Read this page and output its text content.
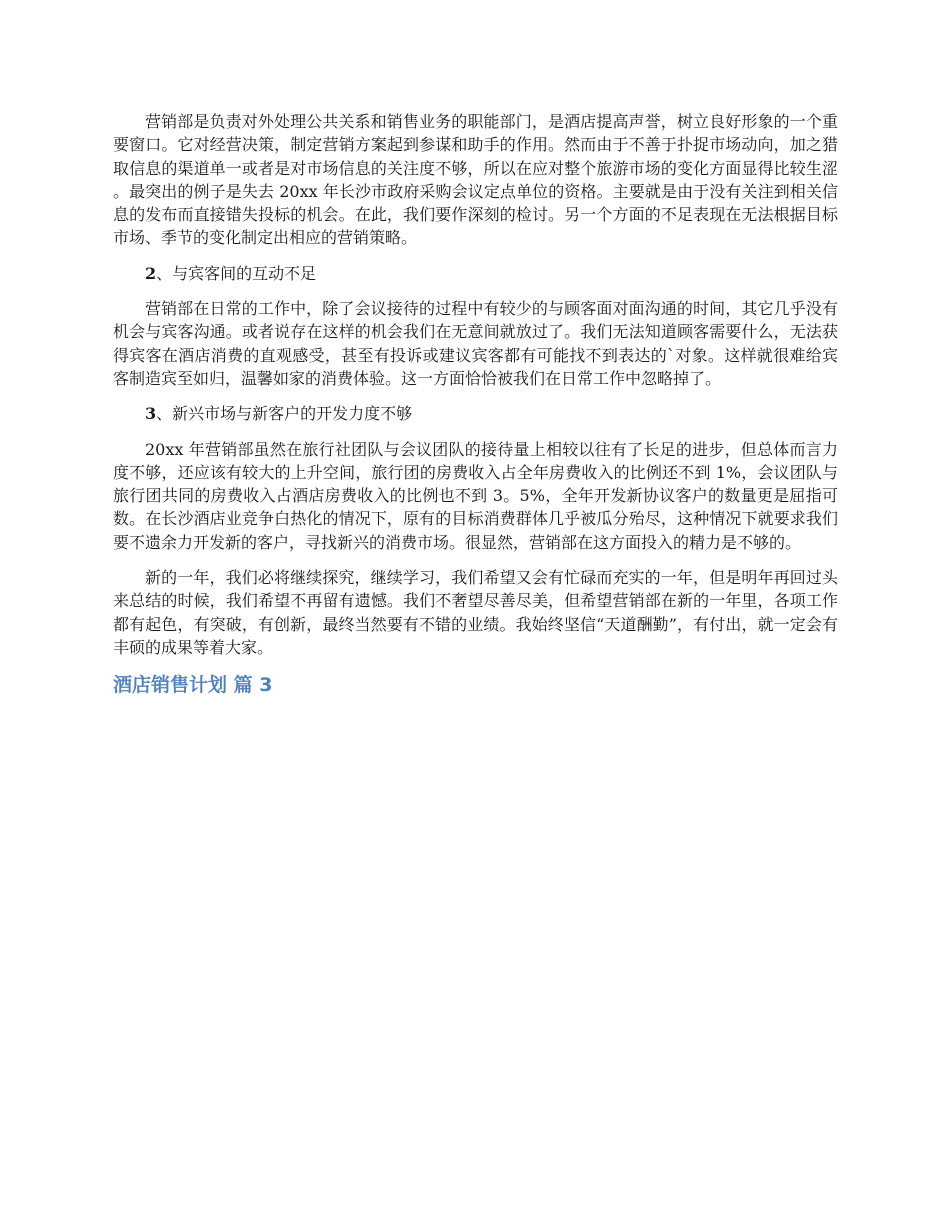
营销部是负责对外处理公共关系和销售业务的职能部门，是酒店提高声誉，树立良好形象的一个重要窗口。它对经营决策，制定营销方案起到参谋和助手的作用。然而由于不善于扑捉市场动向，加之猎取信息的渠道单一或者是对市场信息的关注度不够，所以在应对整个旅游市场的变化方面显得比较生涩 。最突出的例子是失去 20xx 年长沙市政府采购会议定点单位的资格。主要就是由于没有关注到相关信息的发布而直接错失投标的机会。在此，我们要作深刻的检讨。另一个方面的不足表现在无法根据目标市场、季节的变化制定出相应的营销策略。

2、与宾客间的互动不足

营销部在日常的工作中，除了会议接待的过程中有较少的与顾客面对面沟通的时间，其它几乎没有机会与宾客沟通。或者说存在这样的机会我们在无意间就放过了。我们无法知道顾客需要什么，无法获得宾客在酒店消费的直观感受，甚至有投诉或建议宾客都有可能找不到表达的`对象。这样就很难给宾客制造宾至如归，温馨如家的消费体验。这一方面恰恰被我们在日常工作中忽略掉了。

3、新兴市场与新客户的开发力度不够

20xx 年营销部虽然在旅行社团队与会议团队的接待量上相较以往有了长足的进步，但总体而言力度不够，还应该有较大的上升空间，旅行团的房费收入占全年房费收入的比例还不到 1%，会议团队与旅行团共同的房费收入占酒店房费收入的比例也不到 3。5%，全年开发新协议客户的数量更是屈指可数。在长沙酒店业竞争白热化的情况下，原有的目标消费群体几乎被瓜分殆尽，这种情况下就要求我们要不遗余力开发新的客户，寻找新兴的消费市场。很显然，营销部在这方面投入的精力是不够的。

新的一年，我们必将继续探究，继续学习，我们希望又会有忙碌而充实的一年，但是明年再回过头来总结的时候，我们希望不再留有遗憾。我们不奢望尽善尽美，但希望营销部在新的一年里，各项工作都有起色，有突破，有创新，最终当然要有不错的业绩。我始终坚信“天道酬勤”，有付出，就一定会有丰硕的成果等着大家。

酒店销售计划 篇 3
